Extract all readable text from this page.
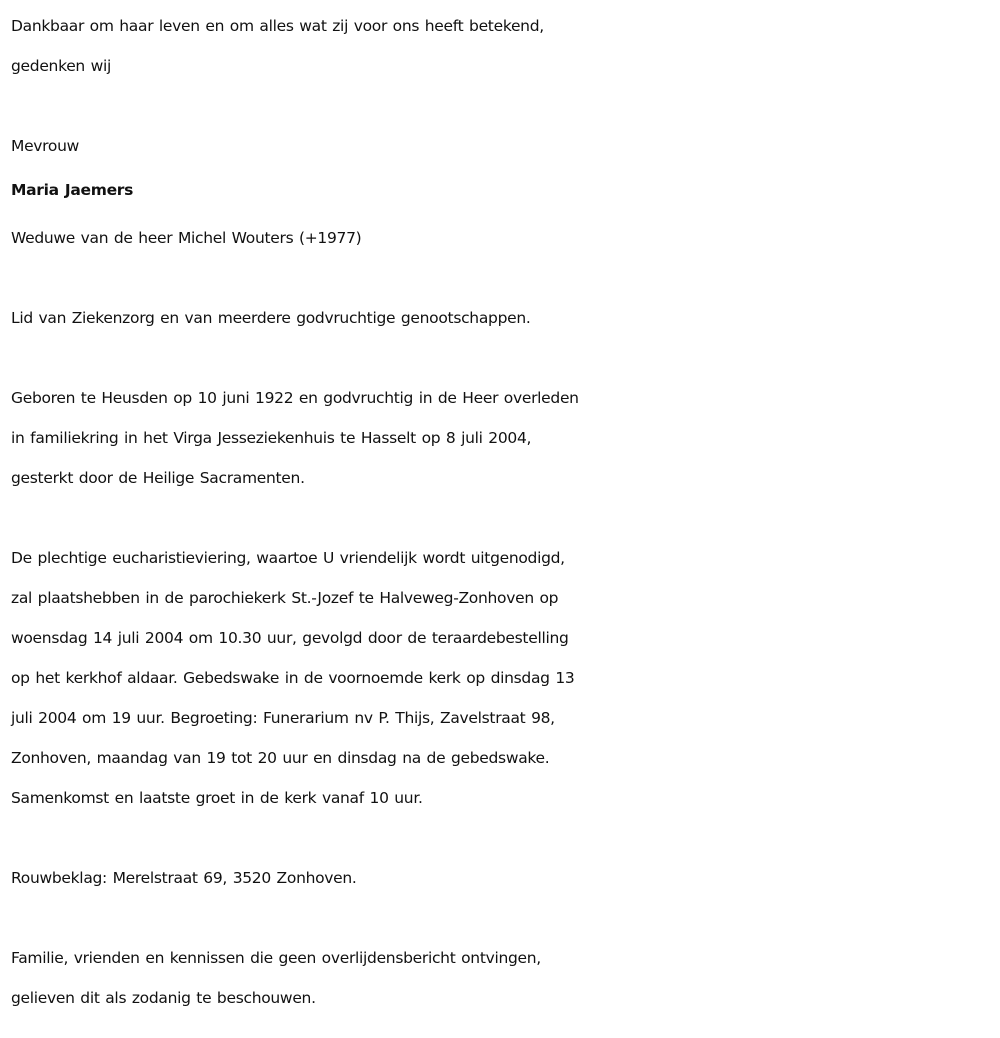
Dankbaar om haar leven en om alles wat zij voor ons heeft betekend,

gedenken wij

Mevrouw

Maria Jaemers

Weduwe van de heer Michel Wouters (+1977)

Lid van Ziekenzorg en van meerdere godvruchtige genootschappen.

Geboren te Heusden op 10 juni 1922 en godvruchtig in de Heer overleden

in familiekring in het Virga Jesseziekenhuis te Hasselt op 8 juli 2004,

gesterkt door de Heilige Sacramenten.

De plechtige eucharistieviering, waartoe U vriendelijk wordt uitgenodigd,

zal plaatshebben in de parochiekerk St.-Jozef te Halveweg-Zonhoven op

woensdag 14 juli 2004 om 10.30 uur, gevolgd door de teraardebestelling

op het kerkhof aldaar. Gebedswake in de voornoemde kerk op dinsdag 13

juli 2004 om 19 uur. Begroeting: Funerarium nv P. Thijs, Zavelstraat 98,

Zonhoven, maandag van 19 tot 20 uur en dinsdag na de gebedswake.

Samenkomst en laatste groet in de kerk vanaf 10 uur.

Rouwbeklag: Merelstraat 69, 3520 Zonhoven.

Familie, vrienden en kennissen die geen overlijdensbericht ontvingen,

gelieven dit als zodanig te beschouwen.
